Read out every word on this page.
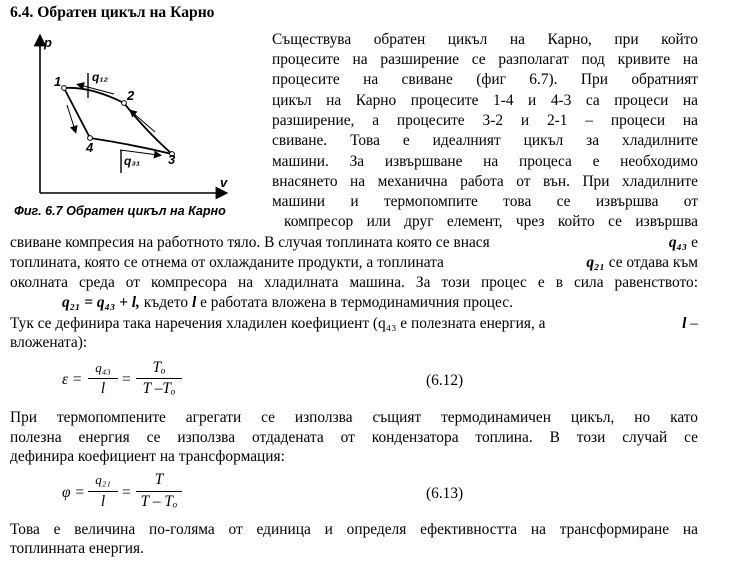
6.4. Обратен цикъл на Карно
p
v
1
2
3
4
q₁₂
q₃₁
Фиг. 6.7 Обратен цикъл на Карно
Съществува обратен цикъл на Карно, при който
процесите на разширение се разполагат под кривите на
процесите на свиване (фиг 6.7). При обратният
цикъл на Карно процесите 1-4 и 4-3 са процеси на
разширение, а процесите 3-2 и 2-1 – процеси на
свиване. Това е идеалният цикъл за хладилните
машини. За извършване на процеса е необходимо
внасянето на механична работа от вън. При хладилните
машини и термопомпите това се извършва от
компресор или друг елемент, чрез който се извършва
свиване компресия на работното тяло. В случая топлината която се внася	q₄₃ е
топлината, която се отнема от охлажданите продукти, а топлината	q₂₁ се отдава към
околната среда от компресора на хладилната машина. За този процес е в сила равенството:
q₂₁ = q₄₃ + l, където l е работата вложена в термодинамичния процес.
Тук се дефинира така наречения хладилен коефициент (q₄₃ е полезната енергия, а	l –
вложената):
ε =
q₄₃
l
=
Tₒ
T –Tₒ	(6.12)
При термопомпените агрегати се използва същият термодинамичен цикъл, но като
полезна енергия се използва отдадената от кондензатора топлина. В този случай се
дефинира коефициент на трансформация:
φ =
q₂₁
l
=
T
T – Tₒ	(6.13)
Това е величина по-голяма от единица и определя ефективността на трансформиране на
топлинната енергия.
